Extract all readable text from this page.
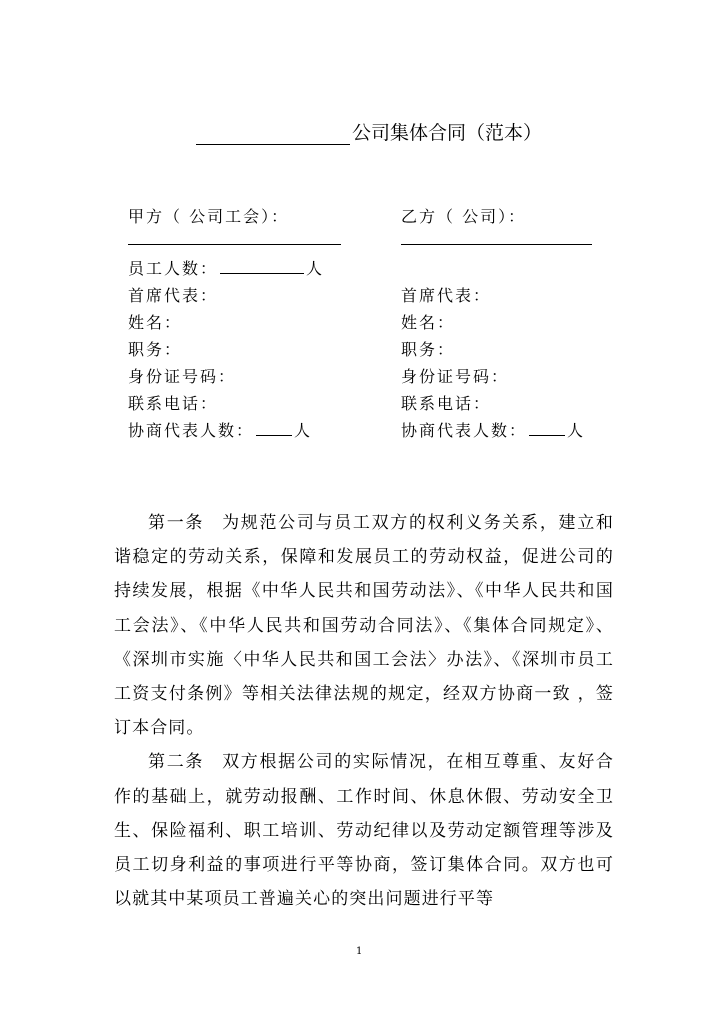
公司集体合同（范本）
甲方（ 公司工会）：
员工人数：	人
首席代表：
姓名：
职务：
身份证号码：
联系电话：
协商代表人数：	人
乙方（ 公司）：
首席代表：
姓名：
职务：
身份证号码：
联系电话：
协商代表人数：	人

第一条 为规范公司与员工双方的权利义务关系，建立和谐稳定的劳动关系，保障和发展员工的劳动权益，促进公司的持续发展，根据《中华人民共和国劳动法》、《中华人民共和国工会法》、《中华人民共和国劳动合同法》、《集体合同规定》、《深圳市实施〈中华人民共和国工会法〉办法》、《深圳市员工工资支付条例》等相关法律法规的规定，经双方协商一致 ，签订本合同。

第二条 双方根据公司的实际情况，在相互尊重、友好合作的基础上，就劳动报酬、工作时间、休息休假、劳动安全卫生、保险福利、职工培训、劳动纪律以及劳动定额管理等涉及员工切身利益的事项进行平等协商，签订集体合同。双方也可以就其中某项员工普遍关心的突出问题进行平等

1
